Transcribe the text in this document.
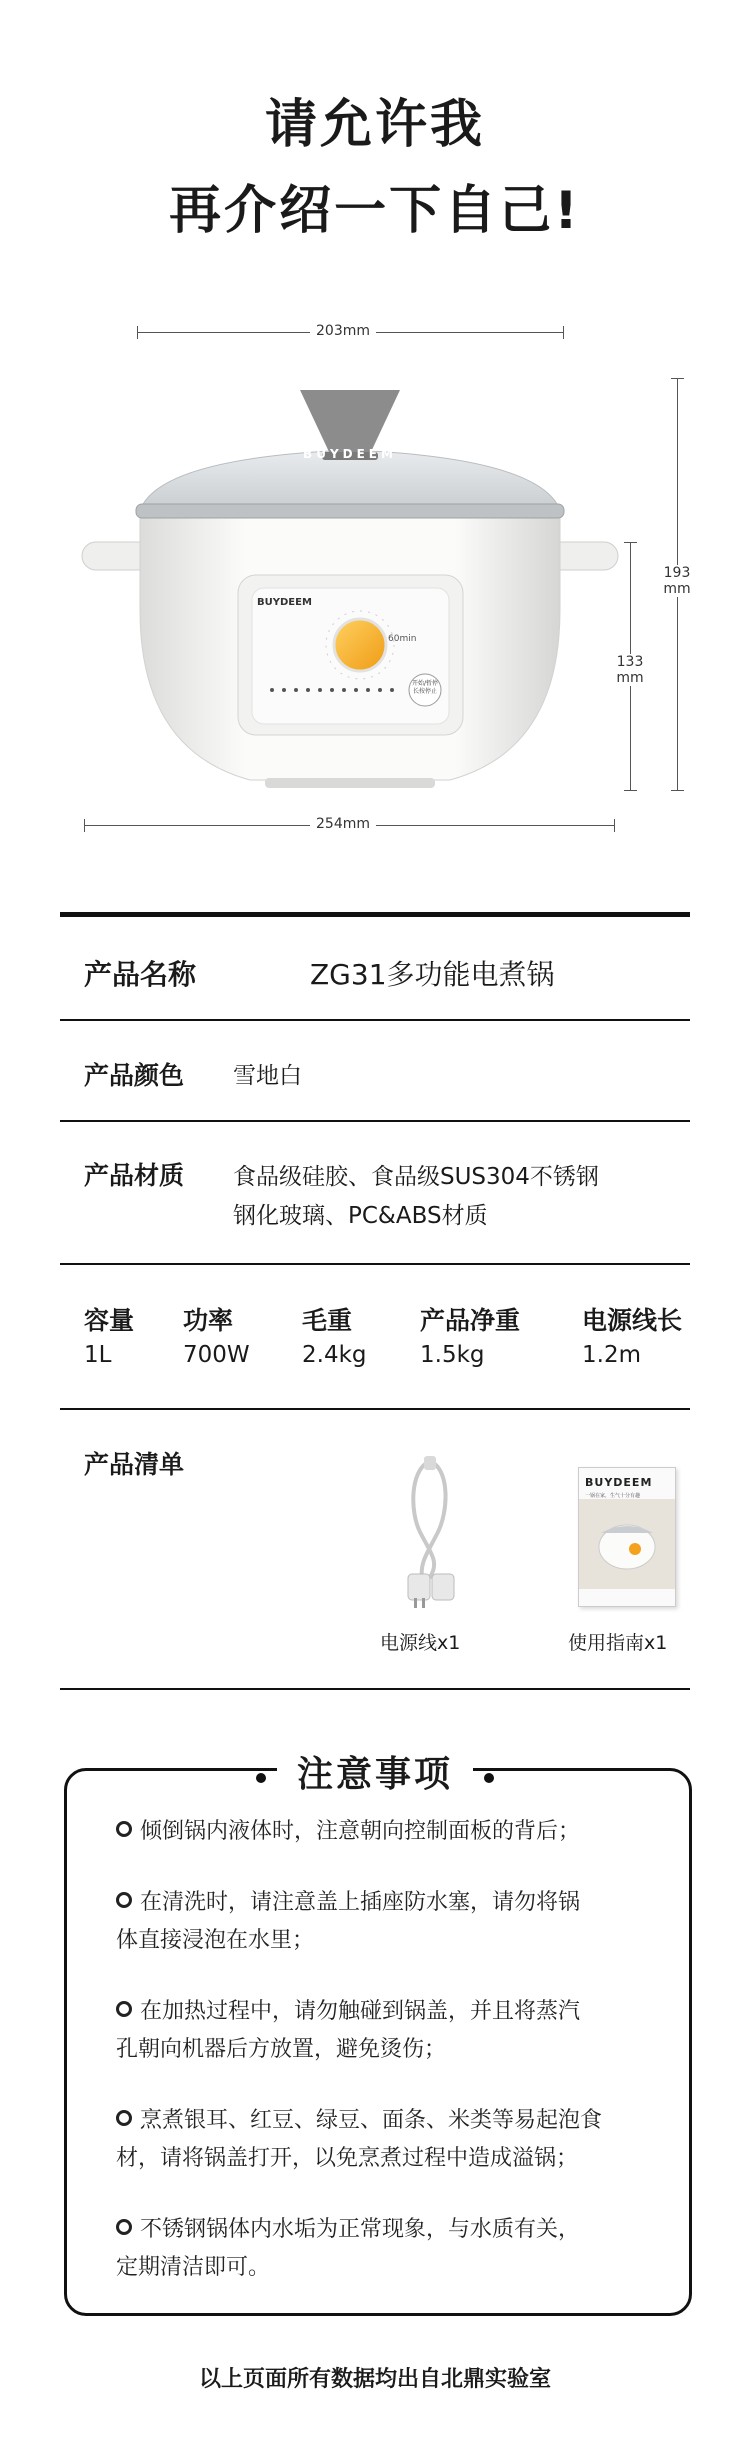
请允许我
再介绍一下自己!
203mm
254mm
193
mm
133
mm
BUYDEEM
BUYDEEM
60min
开始/暂停
长按停止
产品名称	ZG31多功能电煮锅
产品颜色 雪地白
产品材质 食品级硅胶、食品级SUS304不锈钢
钢化玻璃、PC&ABS材质
容量
1L
功率
700W
毛重
2.4kg
产品净重
1.5kg
电源线长
1.2m
产品清单
电源线x1
BUYDEEM
一锅在家，生气十分有趣
使用指南x1
注意事项
倾倒锅内液体时，注意朝向控制面板的背后；
在清洗时，请注意盖上插座防水塞，请勿将锅
体直接浸泡在水里；
在加热过程中，请勿触碰到锅盖，并且将蒸汽
孔朝向机器后方放置，避免烫伤；
烹煮银耳、红豆、绿豆、面条、米类等易起泡食
材，请将锅盖打开，以免烹煮过程中造成溢锅；
不锈钢锅体内水垢为正常现象，与水质有关，
定期清洁即可。
以上页面所有数据均出自北鼎实验室
